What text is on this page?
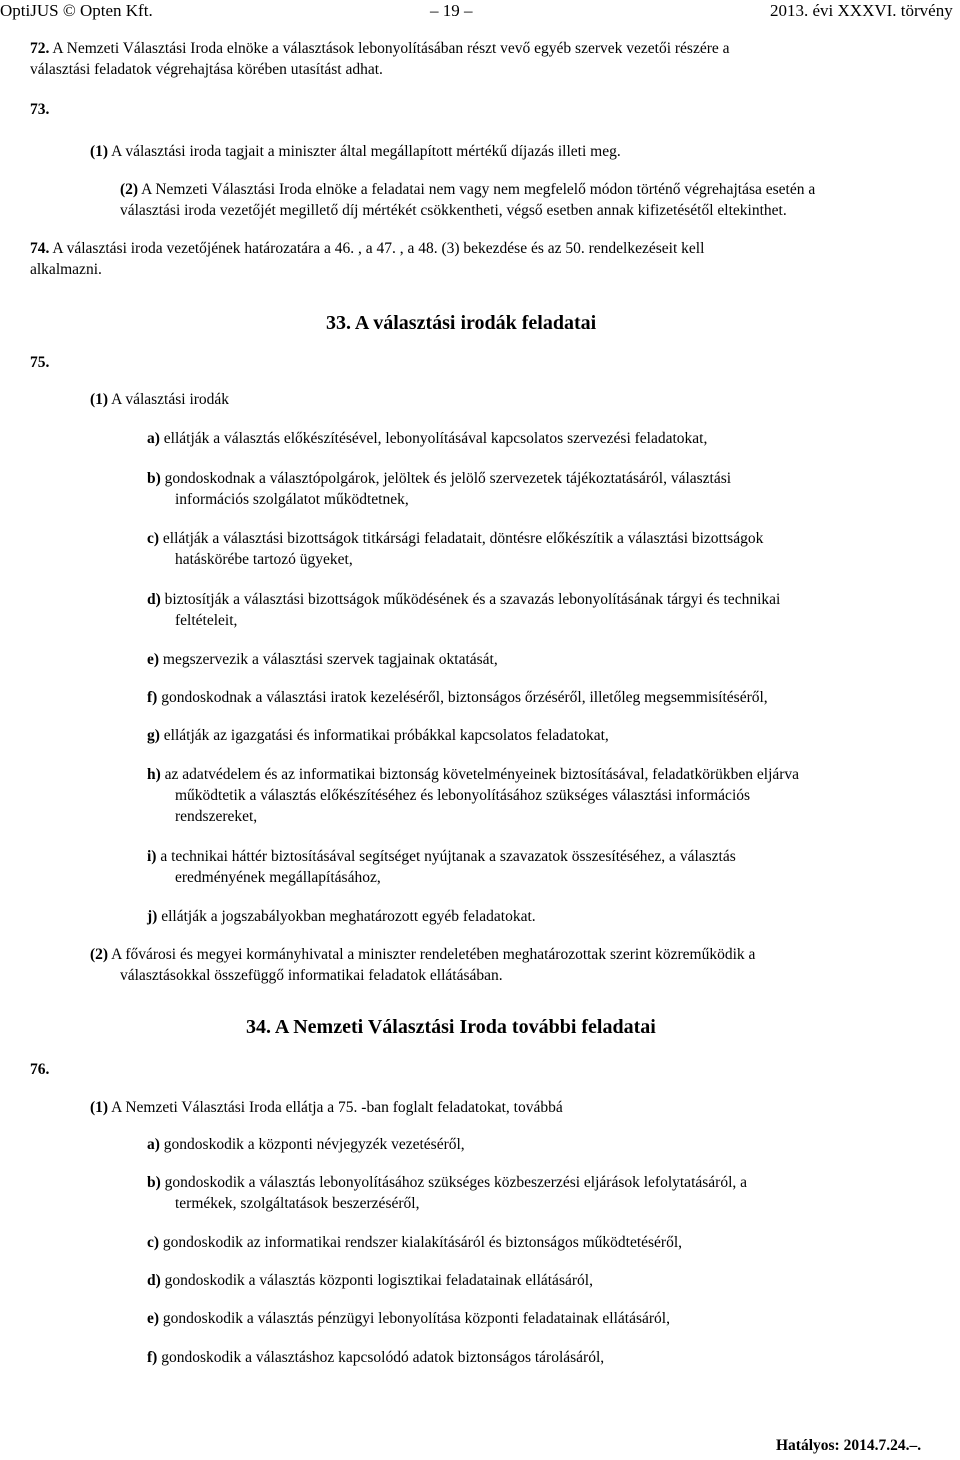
OptiJUS © Opten Kft.	– 19 –	2013. évi XXXVI. törvény
72. A Nemzeti Választási Iroda elnöke a választások lebonyolításában részt vevő egyéb szervek vezetői részére a
választási feladatok végrehajtása körében utasítást adhat.
73.
(1) A választási iroda tagjait a miniszter által megállapított mértékű díjazás illeti meg.
(2) A Nemzeti Választási Iroda elnöke a feladatai nem vagy nem megfelelő módon történő végrehajtása esetén a
választási iroda vezetőjét megillető díj mértékét csökkentheti, végső esetben annak kifizetésétől eltekinthet.
74. A választási iroda vezetőjének határozatára a 46. , a 47. , a 48. (3) bekezdése és az 50. rendelkezéseit kell
alkalmazni.
33. A választási irodák feladatai
75.
(1) A választási irodák
a) ellátják a választás előkészítésével, lebonyolításával kapcsolatos szervezési feladatokat,
b) gondoskodnak a választópolgárok, jelöltek és jelölő szervezetek tájékoztatásáról, választási
információs szolgálatot működtetnek,
c) ellátják a választási bizottságok titkársági feladatait, döntésre előkészítik a választási bizottságok
hatáskörébe tartozó ügyeket,
d) biztosítják a választási bizottságok működésének és a szavazás lebonyolításának tárgyi és technikai
feltételeit,
e) megszervezik a választási szervek tagjainak oktatását,
f) gondoskodnak a választási iratok kezeléséről, biztonságos őrzéséről, illetőleg megsemmisítéséről,
g) ellátják az igazgatási és informatikai próbákkal kapcsolatos feladatokat,
h) az adatvédelem és az informatikai biztonság követelményeinek biztosításával, feladatkörükben eljárva
működtetik a választás előkészítéséhez és lebonyolításához szükséges választási információs
rendszereket,
i) a technikai háttér biztosításával segítséget nyújtanak a szavazatok összesítéséhez, a választás
eredményének megállapításához,
j) ellátják a jogszabályokban meghatározott egyéb feladatokat.
(2) A fővárosi és megyei kormányhivatal a miniszter rendeletében meghatározottak szerint közreműködik a
választásokkal összefüggő informatikai feladatok ellátásában.
34. A Nemzeti Választási Iroda további feladatai
76.
(1) A Nemzeti Választási Iroda ellátja a 75. -ban foglalt feladatokat, továbbá
a) gondoskodik a központi névjegyzék vezetéséről,
b) gondoskodik a választás lebonyolításához szükséges közbeszerzési eljárások lefolytatásáról, a
termékek, szolgáltatások beszerzéséről,
c) gondoskodik az informatikai rendszer kialakításáról és biztonságos működtetéséről,
d) gondoskodik a választás központi logisztikai feladatainak ellátásáról,
e) gondoskodik a választás pénzügyi lebonyolítása központi feladatainak ellátásáról,
f) gondoskodik a választáshoz kapcsolódó adatok biztonságos tárolásáról,
Hatályos: 2014.7.24.–.
